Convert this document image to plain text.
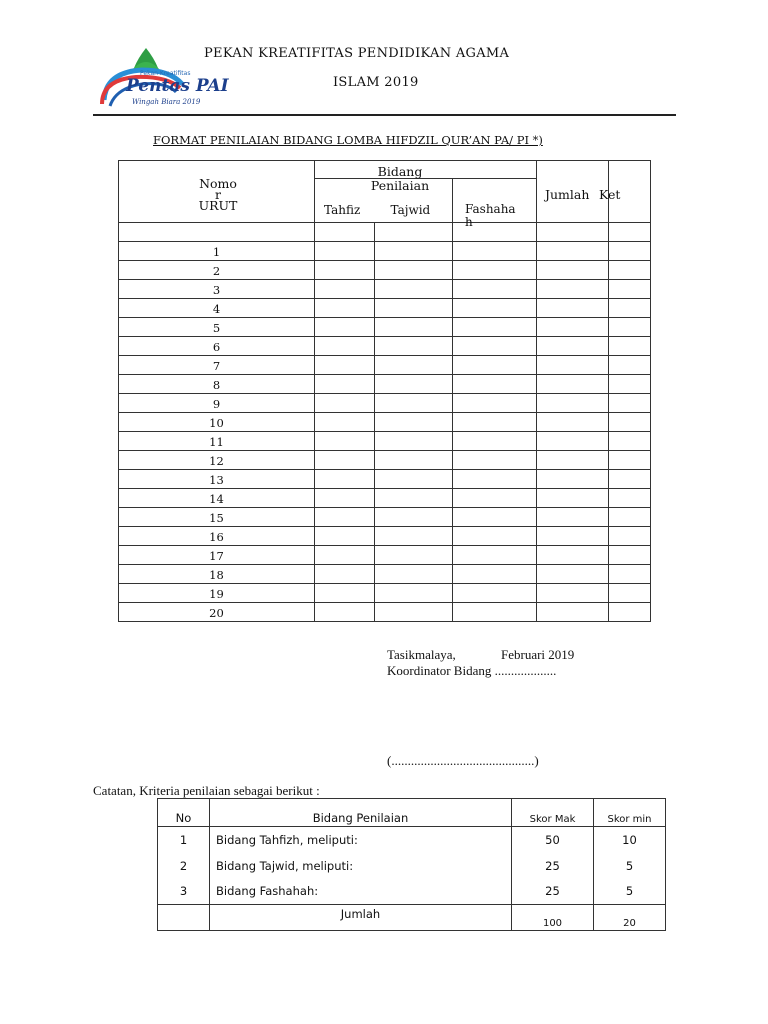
Pekan Kreatifitas
Pentas PAI
Wingah Biara 2019
PEKAN KREATIFITAS PENDIDIKAN AGAMA
ISLAM 2019
FORMAT PENILAIAN BIDANG LOMBA HIFDZIL QUR’AN PA/ PI *)
Nomo
r
URUT	Bidang
Penilaian			Jumlah	Ket

	Tahfiz	Tajwid	Fashaha
h		

1					

2					

3					

4					

5					

6					

7					

8					

9					

10					

11					

12					

13					

14					

15					

16					

17					

18					

19					

20					

Tasikmalaya,	Februari 2019
Koordinator Bidang ...................
(............................................)
Catatan, Kriteria penilaian sebagai berikut :
No	Bidang Penilaian	Skor Mak	Skor min
1	Bidang Tahfizh, meliputi:	50	10
2	Bidang Tajwid, meliputi:	25	5
3	Bidang Fashahah:	25	5
	Jumlah	100	20
